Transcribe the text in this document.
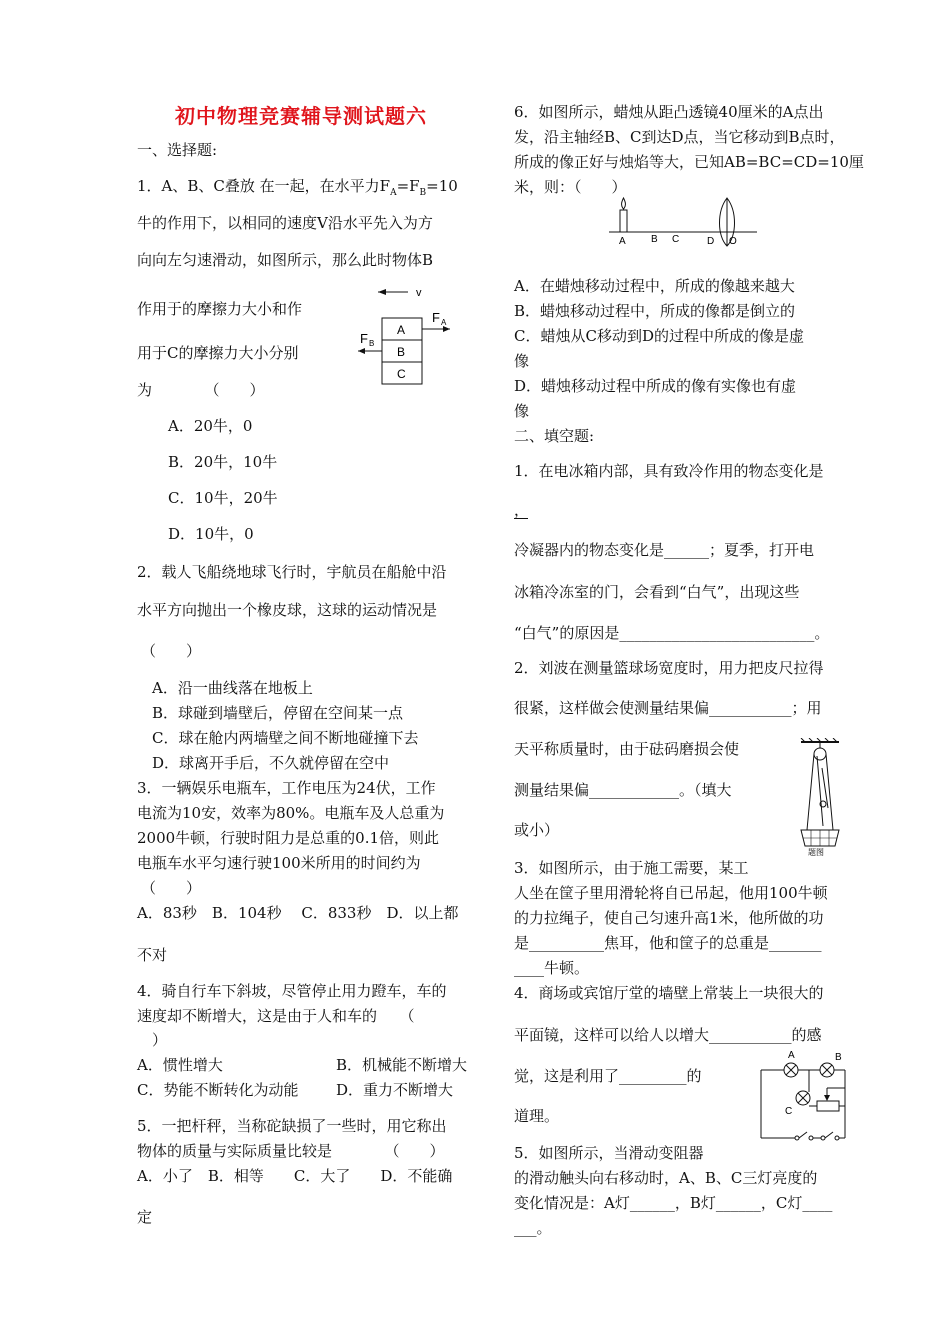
初中物理竞赛辅导测试题六
一、选择题:
1．A、B、C叠放 在一起，在水平力$F_A=F_B=10$
牛的作用下，以相同的速度V沿水平先入为方
向向左匀速滑动，如图所示，那么此时物体B
作用于的摩擦力大小和作
用于C的摩擦力大小分别
为　　　　（　　）
A．20牛，0
B．20牛，10牛
C．10牛，20牛
D．10牛，0
v
A
B
C
F A
F B
2．载人飞船绕地球飞行时，宇航员在船舱中沿
水平方向抛出一个橡皮球，这球的运动情况是
（　　）
A．沿一曲线落在地板上
B．球碰到墙壁后，停留在空间某一点
C．球在舱内两墙壁之间不断地碰撞下去
D．球离开手后，不久就停留在空中
3．一辆娱乐电瓶车，工作电压为24伏，工作
电流为10安，效率为80%。电瓶车及人总重为
2000牛顿，行驶时阻力是总重的0.1倍，则此
电瓶车水平匀速行驶100米所用的时间约为
（　　）
A．83秒　B．104秒　 C．833秒　D．以上都
不对
4．骑自行车下斜坡，尽管停止用力蹬车，车的
速度却不断增大，这是由于人和车的　　（
）
A．惯性增大	B．机械能不断增大
C．势能不断转化为动能	D．重力不断增大
5．一把杆秤，当称砣缺损了一些时，用它称出
物体的质量与实际质量比较是　　　　（　　）
A．小了　B．相等　　C．大了　　D．不能确
定
6．如图所示，蜡烛从距凸透镜40厘米的A点出
发，沿主轴经B、C到达D点，当它移动到B点时，
所成的像正好与烛焰等大，已知AB=BC=CD=10厘
米，则：（　　）
A	B C	D O
A．在蜡烛移动过程中，所成的像越来越大
B．蜡烛移动过程中，所成的像都是倒立的
C．蜡烛从C移动到D的过程中所成的像是虚
像
D．蜡烛移动过程中所成的像有实像也有虚
像
二、填空题:
1．在电冰箱内部，具有致冷作用的物态变化是
，
冷凝器内的物态变化是______；夏季，打开电
冰箱冷冻室的门，会看到“白气”，出现这些
“白气”的原因是__________________________。
2．刘波在测量篮球场宽度时，用力把皮尺拉得
很紧，这样做会使测量结果偏___________；用
天平称质量时，由于砝码磨损会使
测量结果偏____________。（填大
或小）
题图
3．如图所示，由于施工需要，某工
人坐在筐子里用滑轮将自已吊起，他用100牛顿
的力拉绳子，使自己匀速升高1米，他所做的功
是__________焦耳，他和筐子的总重是_______
____牛顿。
4．商场或宾馆厅堂的墙壁上常装上一块很大的
平面镜，这样可以给人以增大___________的感
觉，这是利用了_________的
道理。
A	B
C
5．如图所示，当滑动变阻器
的滑动触头向右移动时，A、B、C三灯亮度的
变化情况是：A灯______，B灯______，C灯____
___。
